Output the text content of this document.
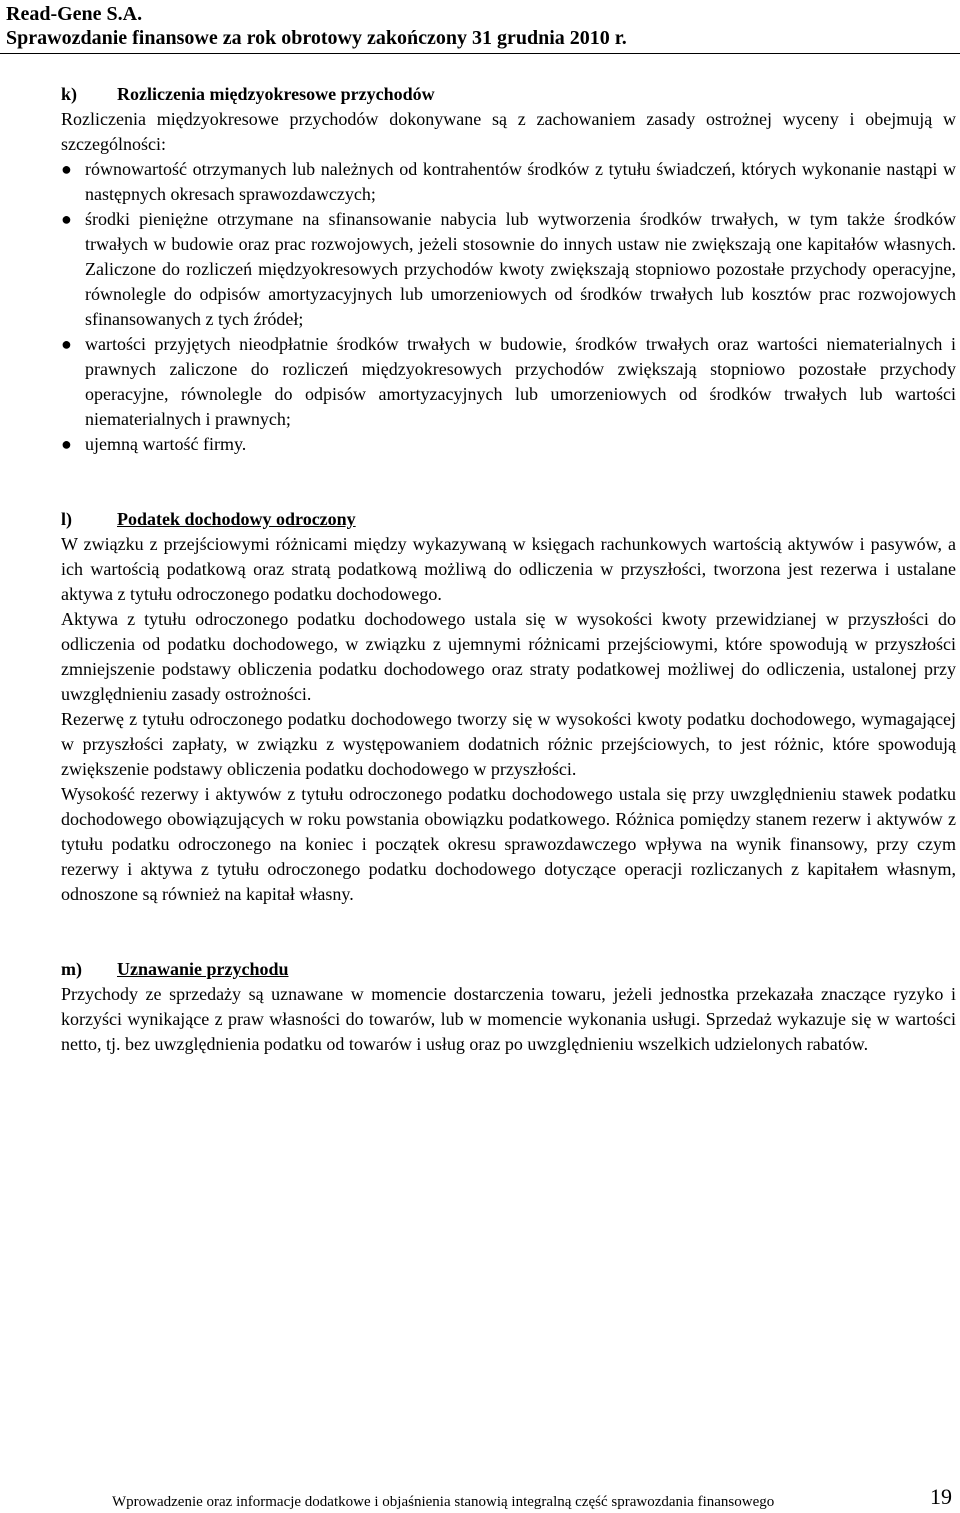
Read-Gene S.A.
Sprawozdanie finansowe za rok obrotowy zakończony 31 grudnia 2010 r.
k)	Rozliczenia międzyokresowe przychodów

Rozliczenia międzyokresowe przychodów dokonywane są z zachowaniem zasady ostrożnej wyceny i obejmują w szczególności:

● równowartość otrzymanych lub należnych od kontrahentów środków z tytułu świadczeń, których wykonanie nastąpi w następnych okresach sprawozdawczych;
● środki pieniężne otrzymane na sfinansowanie nabycia lub wytworzenia środków trwałych, w tym także środków trwałych w budowie oraz prac rozwojowych, jeżeli stosownie do innych ustaw nie zwiększają one kapitałów własnych. Zaliczone do rozliczeń międzyokresowych przychodów kwoty zwiększają stopniowo pozostałe przychody operacyjne, równolegle do odpisów amortyzacyjnych lub umorzeniowych od środków trwałych lub kosztów prac rozwojowych sfinansowanych z tych źródeł;
● wartości przyjętych nieodpłatnie środków trwałych w budowie, środków trwałych oraz wartości niematerialnych i prawnych zaliczone do rozliczeń międzyokresowych przychodów zwiększają stopniowo pozostałe przychody operacyjne, równolegle do odpisów amortyzacyjnych lub umorzeniowych od środków trwałych lub wartości niematerialnych i prawnych;
● ujemną wartość firmy.
l)	Podatek dochodowy odroczony

W związku z przejściowymi różnicami między wykazywaną w księgach rachunkowych wartością aktywów i pasywów, a ich wartością podatkową oraz stratą podatkową możliwą do odliczenia w przyszłości, tworzona jest rezerwa i ustalane aktywa z tytułu odroczonego podatku dochodowego.

Aktywa z tytułu odroczonego podatku dochodowego ustala się w wysokości kwoty przewidzianej w przyszłości do odliczenia od podatku dochodowego, w związku z ujemnymi różnicami przejściowymi, które spowodują w przyszłości zmniejszenie podstawy obliczenia podatku dochodowego oraz straty podatkowej możliwej do odliczenia, ustalonej przy uwzględnieniu zasady ostrożności.

Rezerwę z tytułu odroczonego podatku dochodowego tworzy się w wysokości kwoty podatku dochodowego, wymagającej w przyszłości zapłaty, w związku z występowaniem dodatnich różnic przejściowych, to jest różnic, które spowodują zwiększenie podstawy obliczenia podatku dochodowego w przyszłości.

Wysokość rezerwy i aktywów z tytułu odroczonego podatku dochodowego ustala się przy uwzględnieniu stawek podatku dochodowego obowiązujących w roku powstania obowiązku podatkowego. Różnica pomiędzy stanem rezerw i aktywów z tytułu podatku odroczonego na koniec i początek okresu sprawozdawczego wpływa na wynik finansowy, przy czym rezerwy i aktywa z tytułu odroczonego podatku dochodowego dotyczące operacji rozliczanych z kapitałem własnym, odnoszone są również na kapitał własny.

m)	Uznawanie przychodu

Przychody ze sprzedaży są uznawane w momencie dostarczenia towaru, jeżeli jednostka przekazała znaczące ryzyko i korzyści wynikające z praw własności do towarów, lub w momencie wykonania usługi. Sprzedaż wykazuje się w wartości netto, tj. bez uwzględnienia podatku od towarów i usług oraz po uwzględnieniu wszelkich udzielonych rabatów.

Wprowadzenie oraz informacje dodatkowe i objaśnienia stanowią integralną część sprawozdania finansowego	19
